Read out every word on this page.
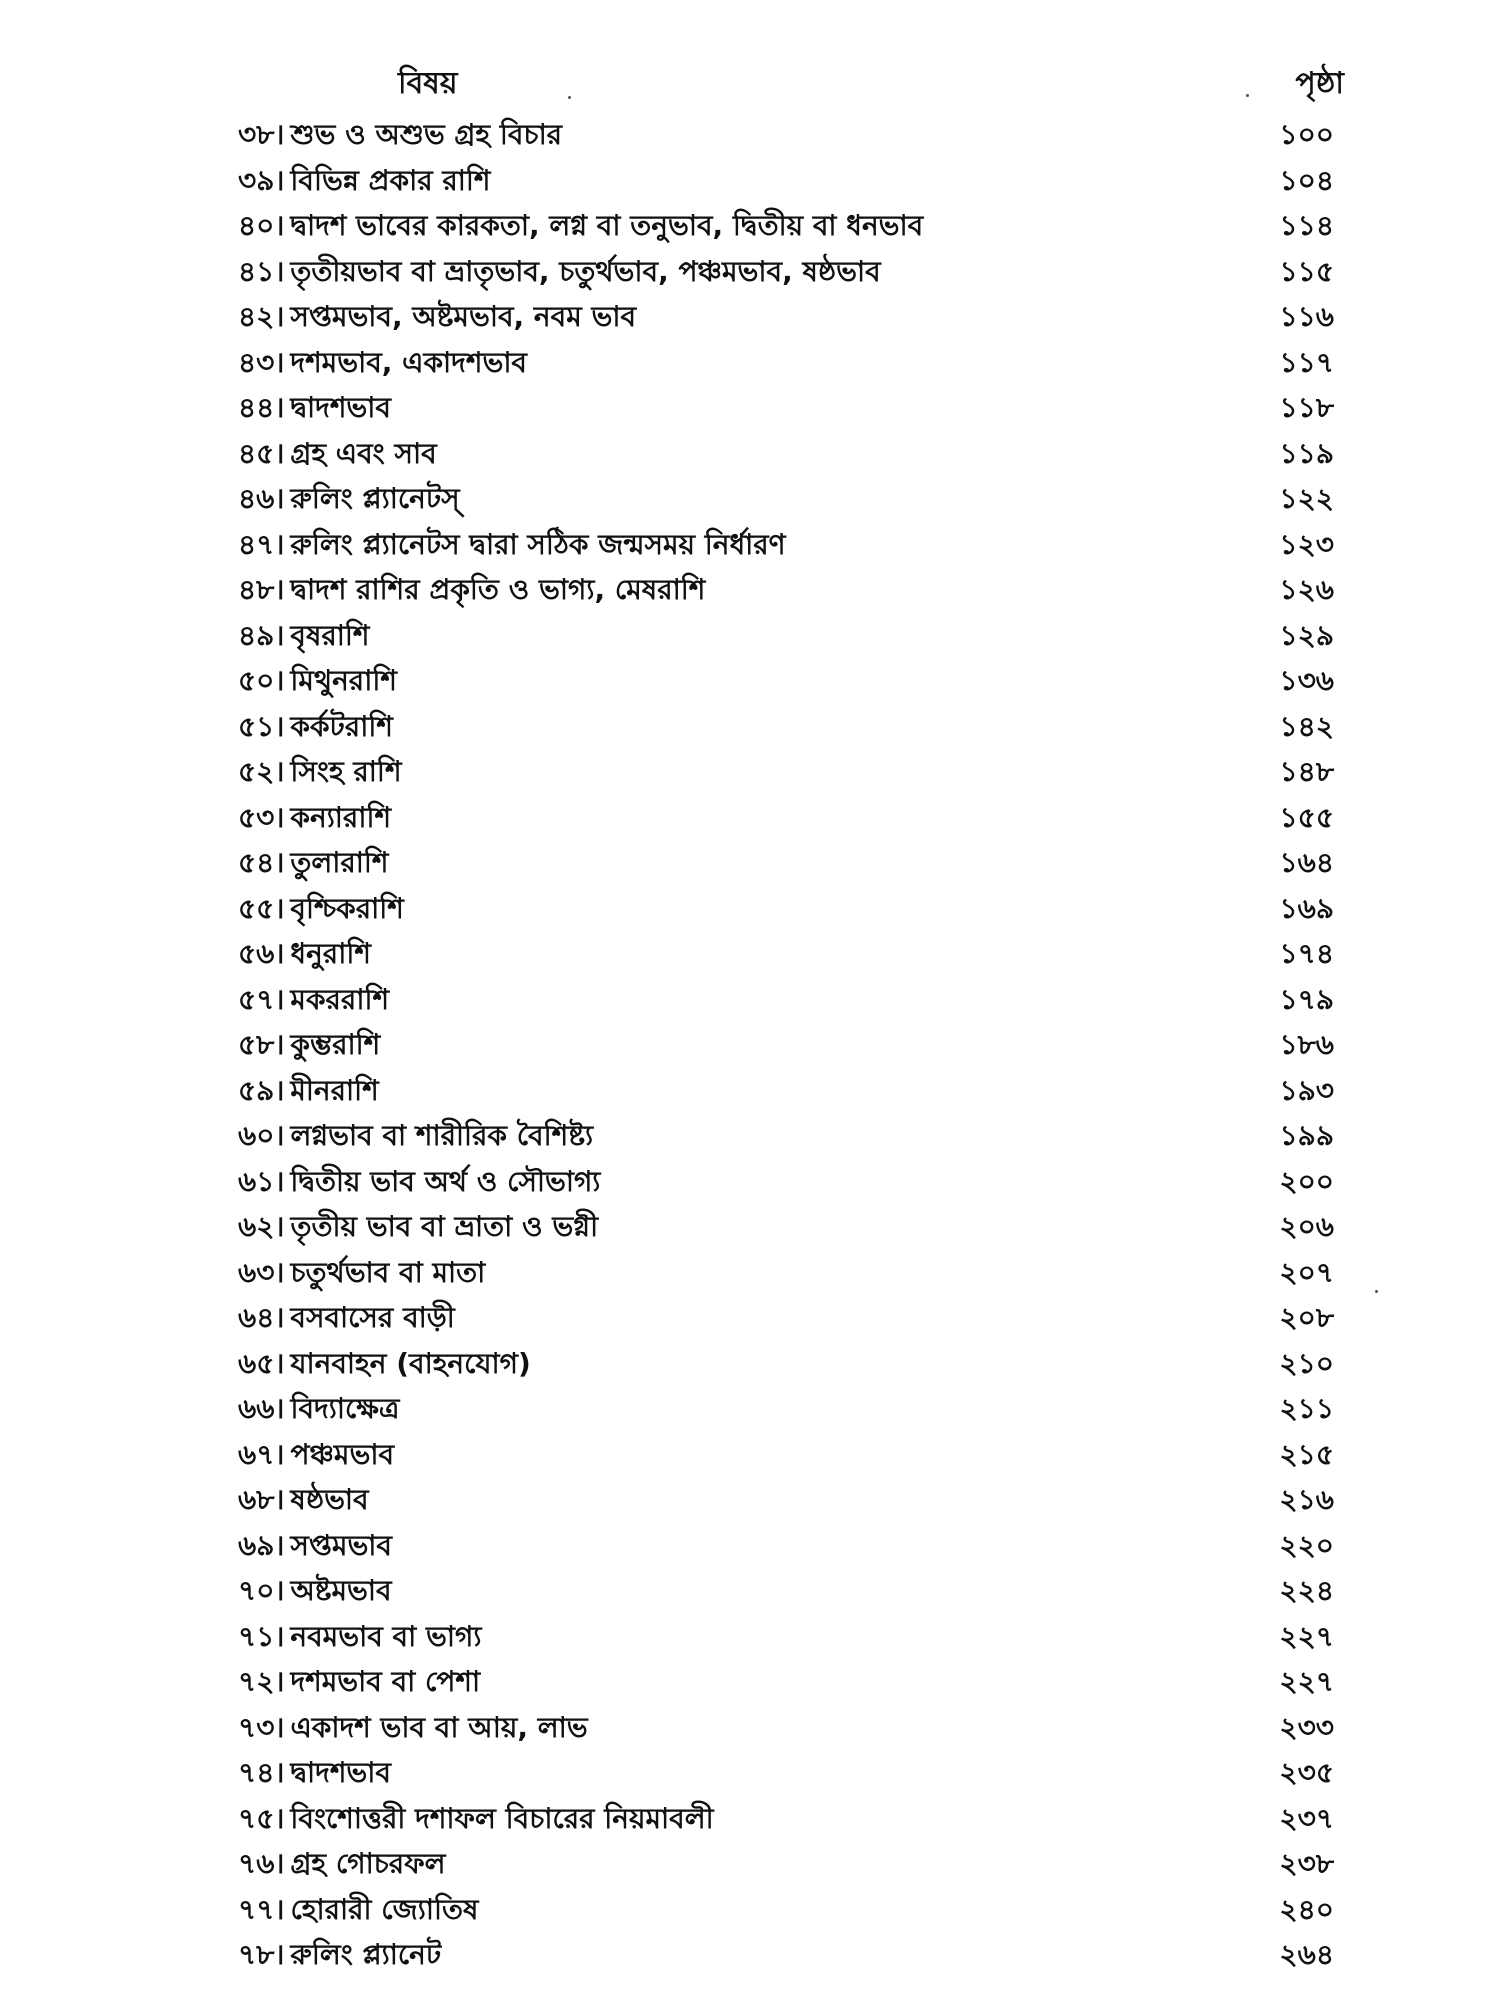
বিষয়	পৃষ্ঠা
৩৮। শুভ ও অশুভ গ্রহ বিচার	১০০
৩৯। বিভিন্ন প্রকার রাশি	১০৪
৪০। দ্বাদশ ভাবের কারকতা, লগ্ন বা তনুভাব, দ্বিতীয় বা ধনভাব	১১৪
৪১। তৃতীয়ভাব বা ভ্রাতৃভাব, চতুর্থভাব, পঞ্চমভাব, ষষ্ঠভাব	১১৫
৪২। সপ্তমভাব, অষ্টমভাব, নবম ভাব	১১৬
৪৩। দশমভাব, একাদশভাব	১১৭
৪৪। দ্বাদশভাব	১১৮
৪৫। গ্রহ এবং সাব	১১৯
৪৬। রুলিং প্ল্যানেটস্	১২২
৪৭। রুলিং প্ল্যানেটস দ্বারা সঠিক জন্মসময় নির্ধারণ	১২৩
৪৮। দ্বাদশ রাশির প্রকৃতি ও ভাগ্য, মেষরাশি	১২৬
৪৯। বৃষরাশি	১২৯
৫০। মিথুনরাশি	১৩৬
৫১। কর্কটরাশি	১৪২
৫২। সিংহ রাশি	১৪৮
৫৩। কন্যারাশি	১৫৫
৫৪। তুলারাশি	১৬৪
৫৫। বৃশ্চিকরাশি	১৬৯
৫৬। ধনুরাশি	১৭৪
৫৭। মকররাশি	১৭৯
৫৮। কুম্ভরাশি	১৮৬
৫৯। মীনরাশি	১৯৩
৬০। লগ্নভাব বা শারীরিক বৈশিষ্ট্য	১৯৯
৬১। দ্বিতীয় ভাব অর্থ ও সৌভাগ্য	২০০
৬২। তৃতীয় ভাব বা ভ্রাতা ও ভগ্নী	২০৬
৬৩। চতুর্থভাব বা মাতা	২০৭
৬৪। বসবাসের বাড়ী	২০৮
৬৫। যানবাহন (বাহনযোগ)	২১০
৬৬। বিদ্যাক্ষেত্র	২১১
৬৭। পঞ্চমভাব	২১৫
৬৮। ষষ্ঠভাব	২১৬
৬৯। সপ্তমভাব	২২০
৭০। অষ্টমভাব	২২৪
৭১। নবমভাব বা ভাগ্য	২২৭
৭২। দশমভাব বা পেশা	২২৭
৭৩। একাদশ ভাব বা আয়, লাভ	২৩৩
৭৪। দ্বাদশভাব	২৩৫
৭৫। বিংশোত্তরী দশাফল বিচারের নিয়মাবলী	২৩৭
৭৬। গ্রহ গোচরফল	২৩৮
৭৭। হোরারী জ্যোতিষ	২৪০
৭৮। রুলিং প্ল্যানেট	২৬৪
